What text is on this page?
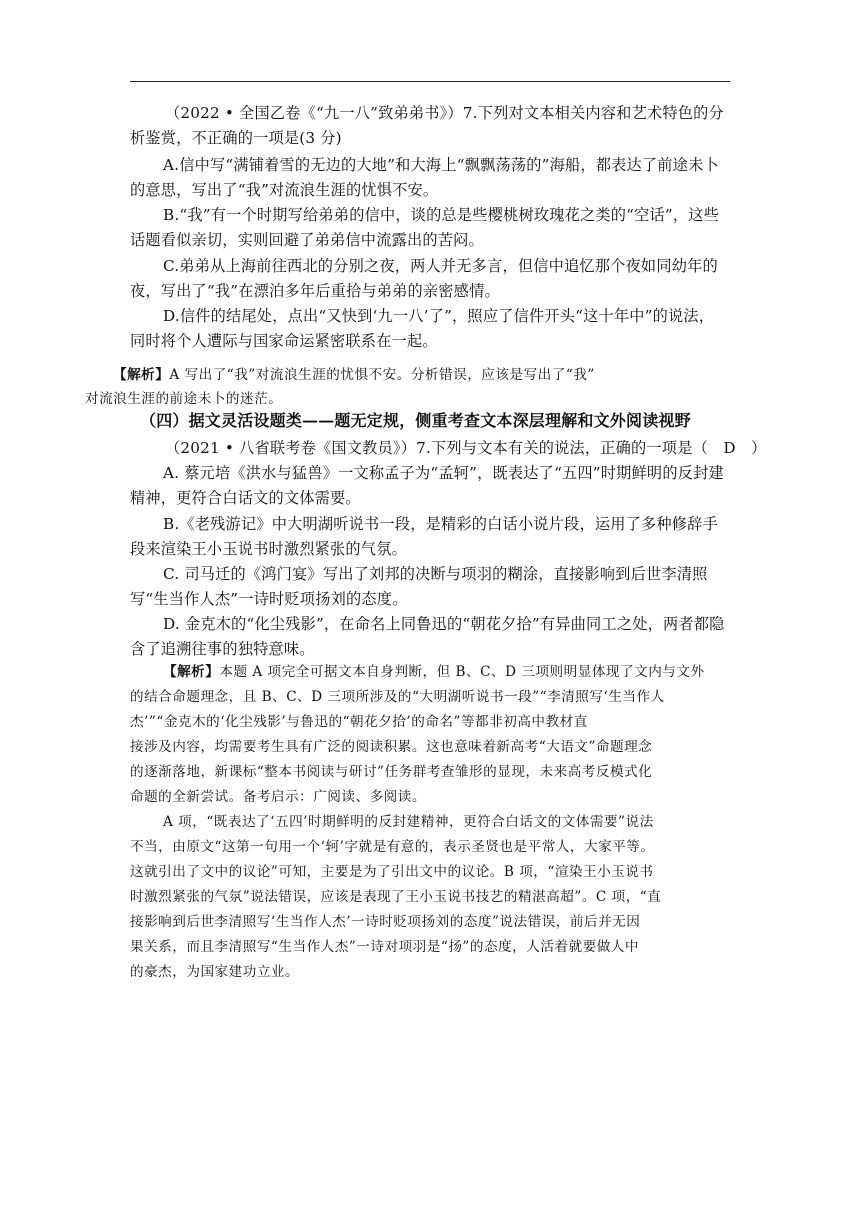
（2022 • 全国乙卷《“九一八”致弟弟书》）7.下列对文本相关内容和艺术特色的分

析鉴赏，不正确的一项是(3 分)

A.信中写“满铺着雪的无边的大地”和大海上“飘飘荡荡的”海船，都表达了前途未卜

的意思，写出了“我”对流浪生涯的忧惧不安。

B.“我”有一个时期写给弟弟的信中，谈的总是些樱桃树玫瑰花之类的“空话”，这些

话题看似亲切，实则回避了弟弟信中流露出的苦闷。

C.弟弟从上海前往西北的分别之夜，两人并无多言，但信中追忆那个夜如同幼年的

夜，写出了“我”在漂泊多年后重拾与弟弟的亲密感情。

D.信件的结尾处，点出“又快到‘九一八’了”，照应了信件开头“这十年中”的说法，

同时将个人遭际与国家命运紧密联系在一起。

【解析】A 写出了“我”对流浪生涯的忧惧不安。分析错误，应该是写出了“我”

对流浪生涯的前途未卜的迷茫。

（四）据文灵活设题类——题无定规，侧重考查文本深层理解和文外阅读视野

（2021 • 八省联考卷《国文教员》）7.下列与文本有关的说法，正确的一项是（　D　）

A. 蔡元培《洪水与猛兽》一文称孟子为“孟轲”，既表达了“五四”时期鲜明的反封建

精神，更符合白话文的文体需要。

B.《老残游记》中大明湖听说书一段，是精彩的白话小说片段，运用了多种修辞手

段来渲染王小玉说书时激烈紧张的气氛。

C. 司马迁的《鸿门宴》写出了刘邦的决断与项羽的糊涂，直接影响到后世李清照

写“生当作人杰”一诗时贬项扬刘的态度。

D. 金克木的“化尘残影”，在命名上同鲁迅的“朝花夕拾”有异曲同工之处，两者都隐

含了追溯往事的独特意味。

【解析】本题 A 项完全可据文本自身判断，但 B、C、D 三项则明显体现了文内与文外

的结合命题理念，且 B、C、D 三项所涉及的“大明湖听说书一段”“李清照写‘生当作人

杰’”“金克木的‘化尘残影’与鲁迅的“朝花夕拾’的命名”等都非初高中教材直

接涉及内容，均需要考生具有广泛的阅读积累。这也意味着新高考“大语文”命题理念

的逐渐落地，新课标“整本书阅读与研讨”任务群考查雏形的显现，未来高考反模式化

命题的全新尝试。备考启示：广阅读、多阅读。

A 项，“既表达了‘五四’时期鲜明的反封建精神，更符合白话文的文体需要”说法

不当，由原文“这第一句用一个‘轲’字就是有意的，表示圣贤也是平常人，大家平等。

这就引出了文中的议论”可知，主要是为了引出文中的议论。B 项，“渲染王小玉说书

时激烈紧张的气氛”说法错误，应该是表现了王小玉说书技艺的精湛高超”。C 项，“直

接影响到后世李清照写‘生当作人杰’一诗时贬项扬刘的态度”说法错误，前后并无因

果关系，而且李清照写“生当作人杰”一诗对项羽是“扬”的态度，人活着就要做人中

的豪杰，为国家建功立业。
